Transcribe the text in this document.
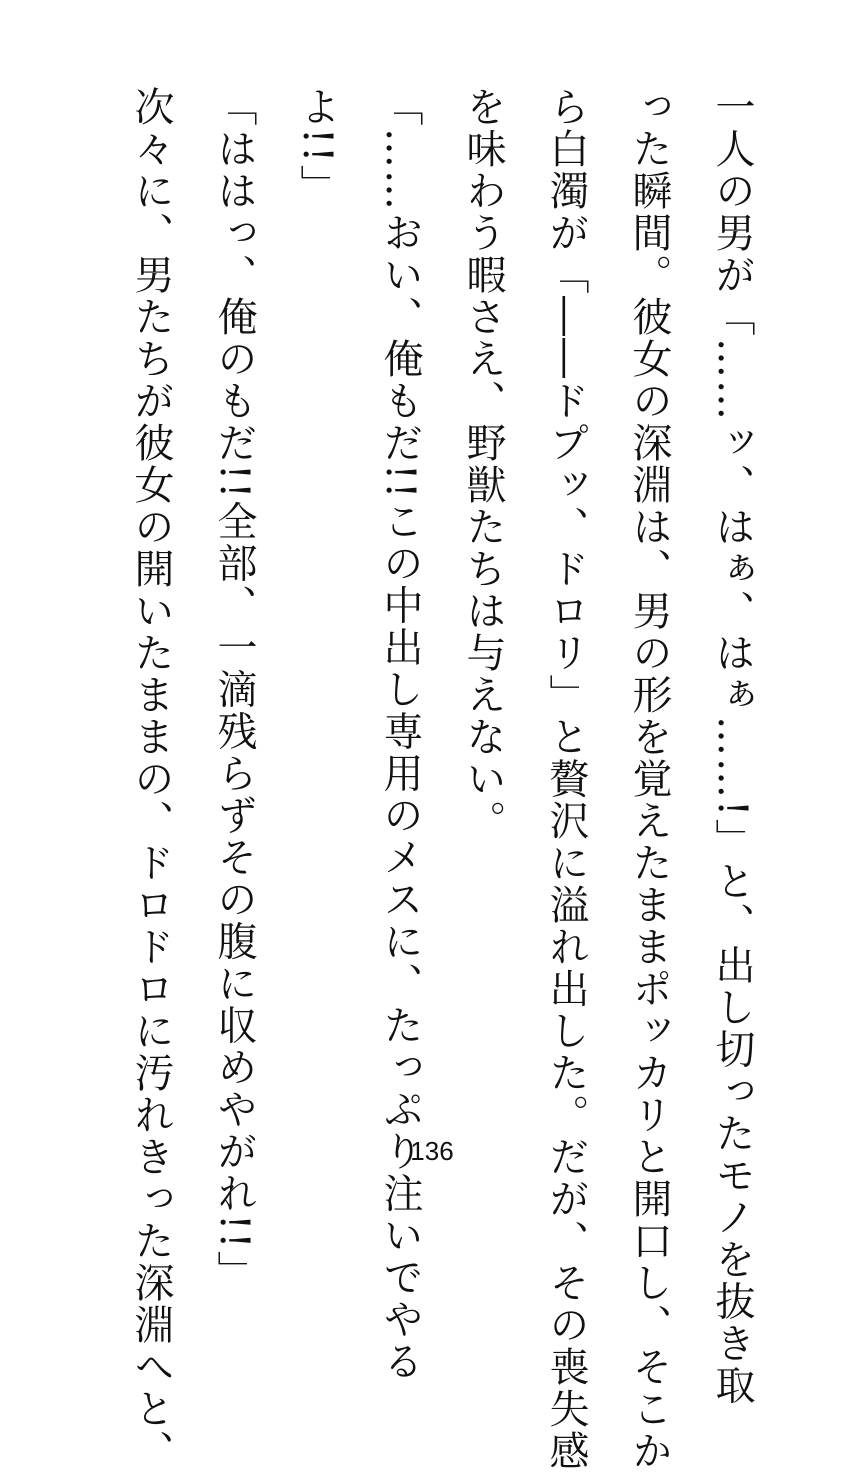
一人の男が「……ッ、はぁ、はぁ……!」と、出し切ったモノを抜き取
った瞬間。彼女の深淵は、男の形を覚えたままポッカリと開口し、そこか
ら白濁が「――ドプッ、ドロリ」と贅沢に溢れ出した。だが、その喪失感
を味わう暇さえ、野獣たちは与えない。
「……おい、俺もだ!!この中出し専用のメスに、たっぷり注いでやる
よ!!」
「ははっ、俺のもだ!!全部、一滴残らずその腹に収めやがれ!!」
次々に、男たちが彼女の開いたままの、ドロドロに汚れきった深淵へと、	136
